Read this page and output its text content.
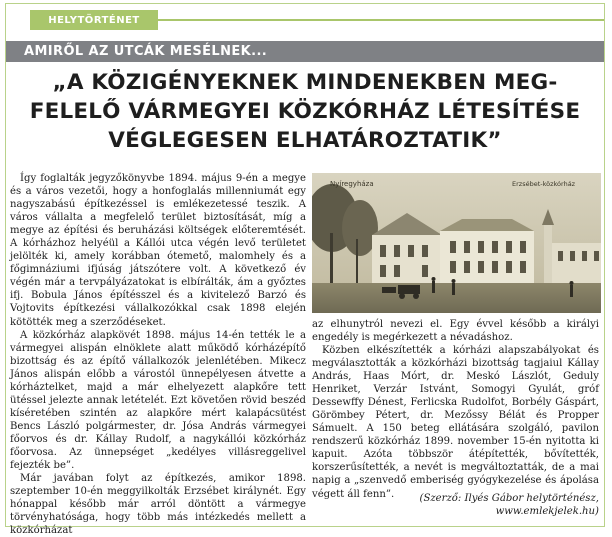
HELYTÖRTÉNET
AMIRŐL AZ UTCÁK MESÉLNEK...
„A KÖZIGÉNYEKNEK MINDENEKBEN MEG-FELELŐ VÁRMEGYEI KÖZKÓRHÁZ LÉTESÍTÉSE VÉGLEGESEN ELHATÁROZTATIK”

Így foglalták jegyzőkönyvbe 1894. május 9-én a megye és a város vezetői, hogy a honfoglalás millenniumát egy nagyszabású építkezéssel is emlékezetessé teszik. A város vállalta a megfelelő terület biztosítását, míg a megye az építési és beruházási költségek előteremtését. A kórházhoz helyéül a Kállói utca végén levő területet jelölték ki, amely korábban ótemető, malomhely és a főgimnáziumi ifjúság játszótere volt. A következő év végén már a tervpályázatokat is elbírálták, ám a győztes ifj. Bobula János építésszel és a kivitelező Barzó és Vojtovits építkezési vállalkozókkal csak 1898 elején kötötték meg a szerződéseket.

A közkórház alapkövét 1898. május 14-én tették le a vármegyei alispán elnöklete alatt működő kórházépítő bizottság és az építő vállalkozók jelenlétében. Mikecz János alispán előbb a várostól ünnepélyesen átvette a kórháztelket, majd a már elhelyezett alapkőre tett ütéssel jelezte annak letételét. Ezt követően rövid beszéd kíséretében szintén az alapkőre mért kalapácsütést Bencs László polgármester, dr. Jósa András vármegyei főorvos és dr. Kállay Rudolf, a nagykállói közkórház főorvosa. Az ünnepséget „kedélyes villásreggelivel fejezték be”.

Már javában folyt az építkezés, amikor 1898. szeptember 10-én meggyilkolták Erzsébet királynét. Egy hónappal később már arról döntött a vármegye törvényhatósága, hogy több más intézkedés mellett a közkórházat

Nyíregyháza	Erzsébet-közkórház

az elhunytról nevezi el. Egy évvel később a királyi engedély is megérkezett a névadáshoz.

Közben elkészítették a kórházi alapszabályokat és megválasztották a közkórházi bizottság tagjaiul Kállay András, Haas Mórt, dr. Meskó Lászlót, Geduly Henriket, Verzár Istvánt, Somogyi Gyulát, gróf Dessewffy Dénest, Ferlicska Rudolfot, Borbély Gáspárt, Görömbey Pétert, dr. Mezőssy Bélát és Propper Sámuelt. A 150 beteg ellátására szolgáló, pavilon rendszerű közkórház 1899. november 15-én nyitotta ki kapuit. Azóta többször átépítették, bővítették, korszerűsítették, a nevét is megváltoztatták, de a mai napig a „szenvedő emberiség gyógykezelése és ápolása végett áll fenn”.	(Szerző: Ilyés Gábor helytörténész,
www.emlekjelek.hu)
